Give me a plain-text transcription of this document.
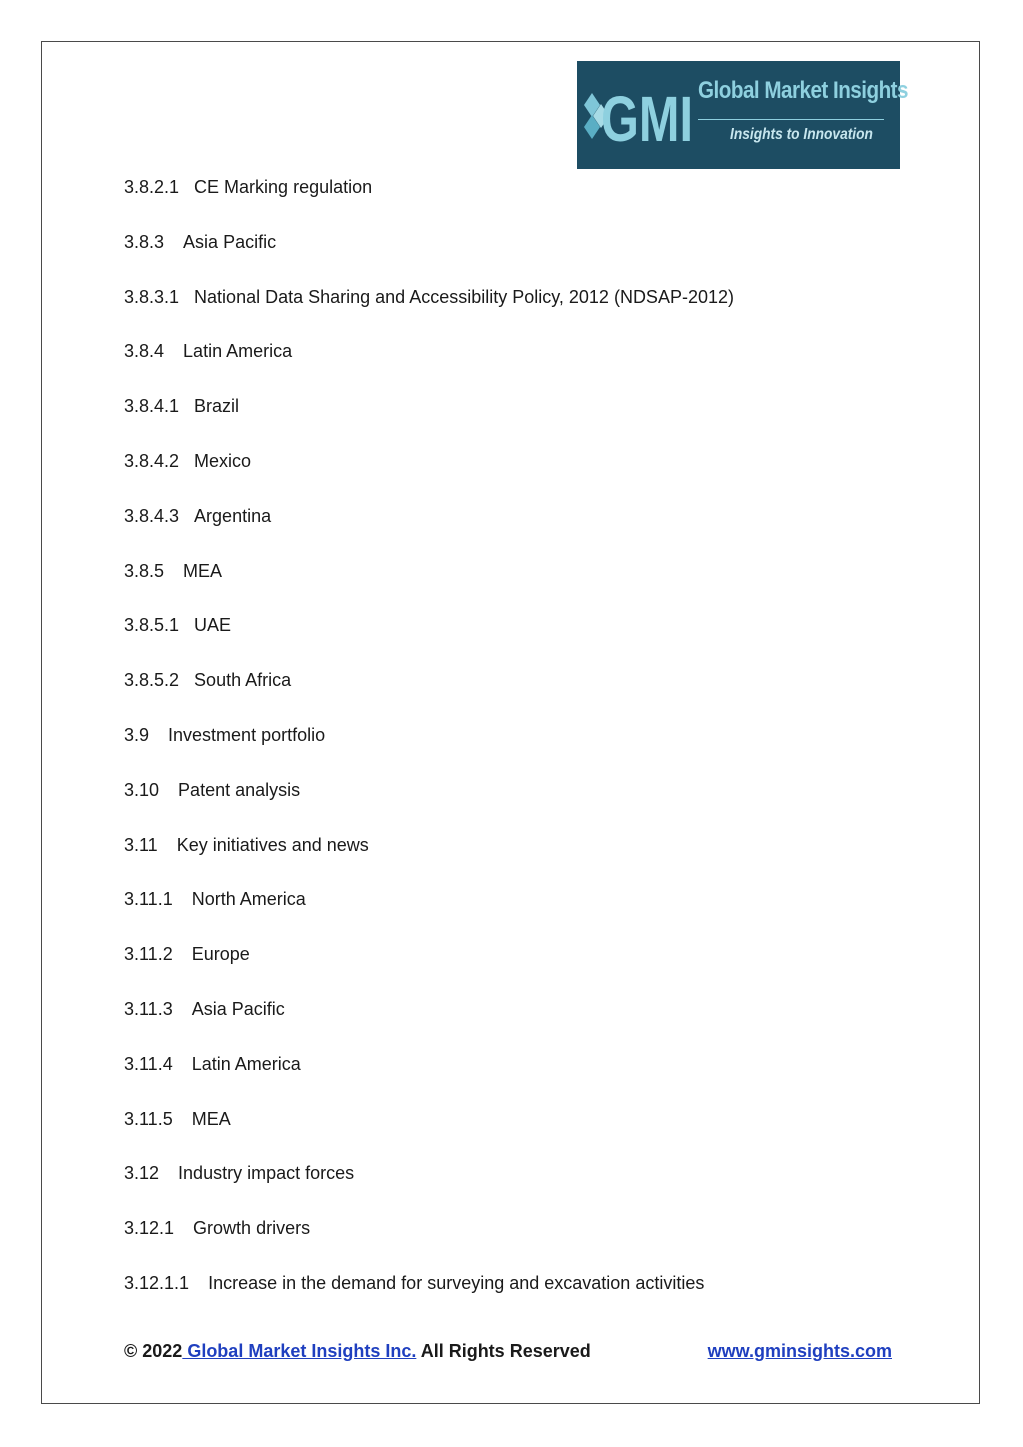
GMI Global Market Insights
Insights to Innovation
3.8.2.1 CE Marking regulation
3.8.3 Asia Pacific
3.8.3.1 National Data Sharing and Accessibility Policy, 2012 (NDSAP-2012)
3.8.4 Latin America
3.8.4.1 Brazil
3.8.4.2 Mexico
3.8.4.3 Argentina
3.8.5 MEA
3.8.5.1 UAE
3.8.5.2 South Africa
3.9 Investment portfolio
3.10 Patent analysis
3.11 Key initiatives and news
3.11.1 North America
3.11.2 Europe
3.11.3 Asia Pacific
3.11.4 Latin America
3.11.5 MEA
3.12 Industry impact forces
3.12.1 Growth drivers
3.12.1.1 Increase in the demand for surveying and excavation activities
© 2022 Global Market Insights Inc. All Rights Reserved	www.gminsights.com
